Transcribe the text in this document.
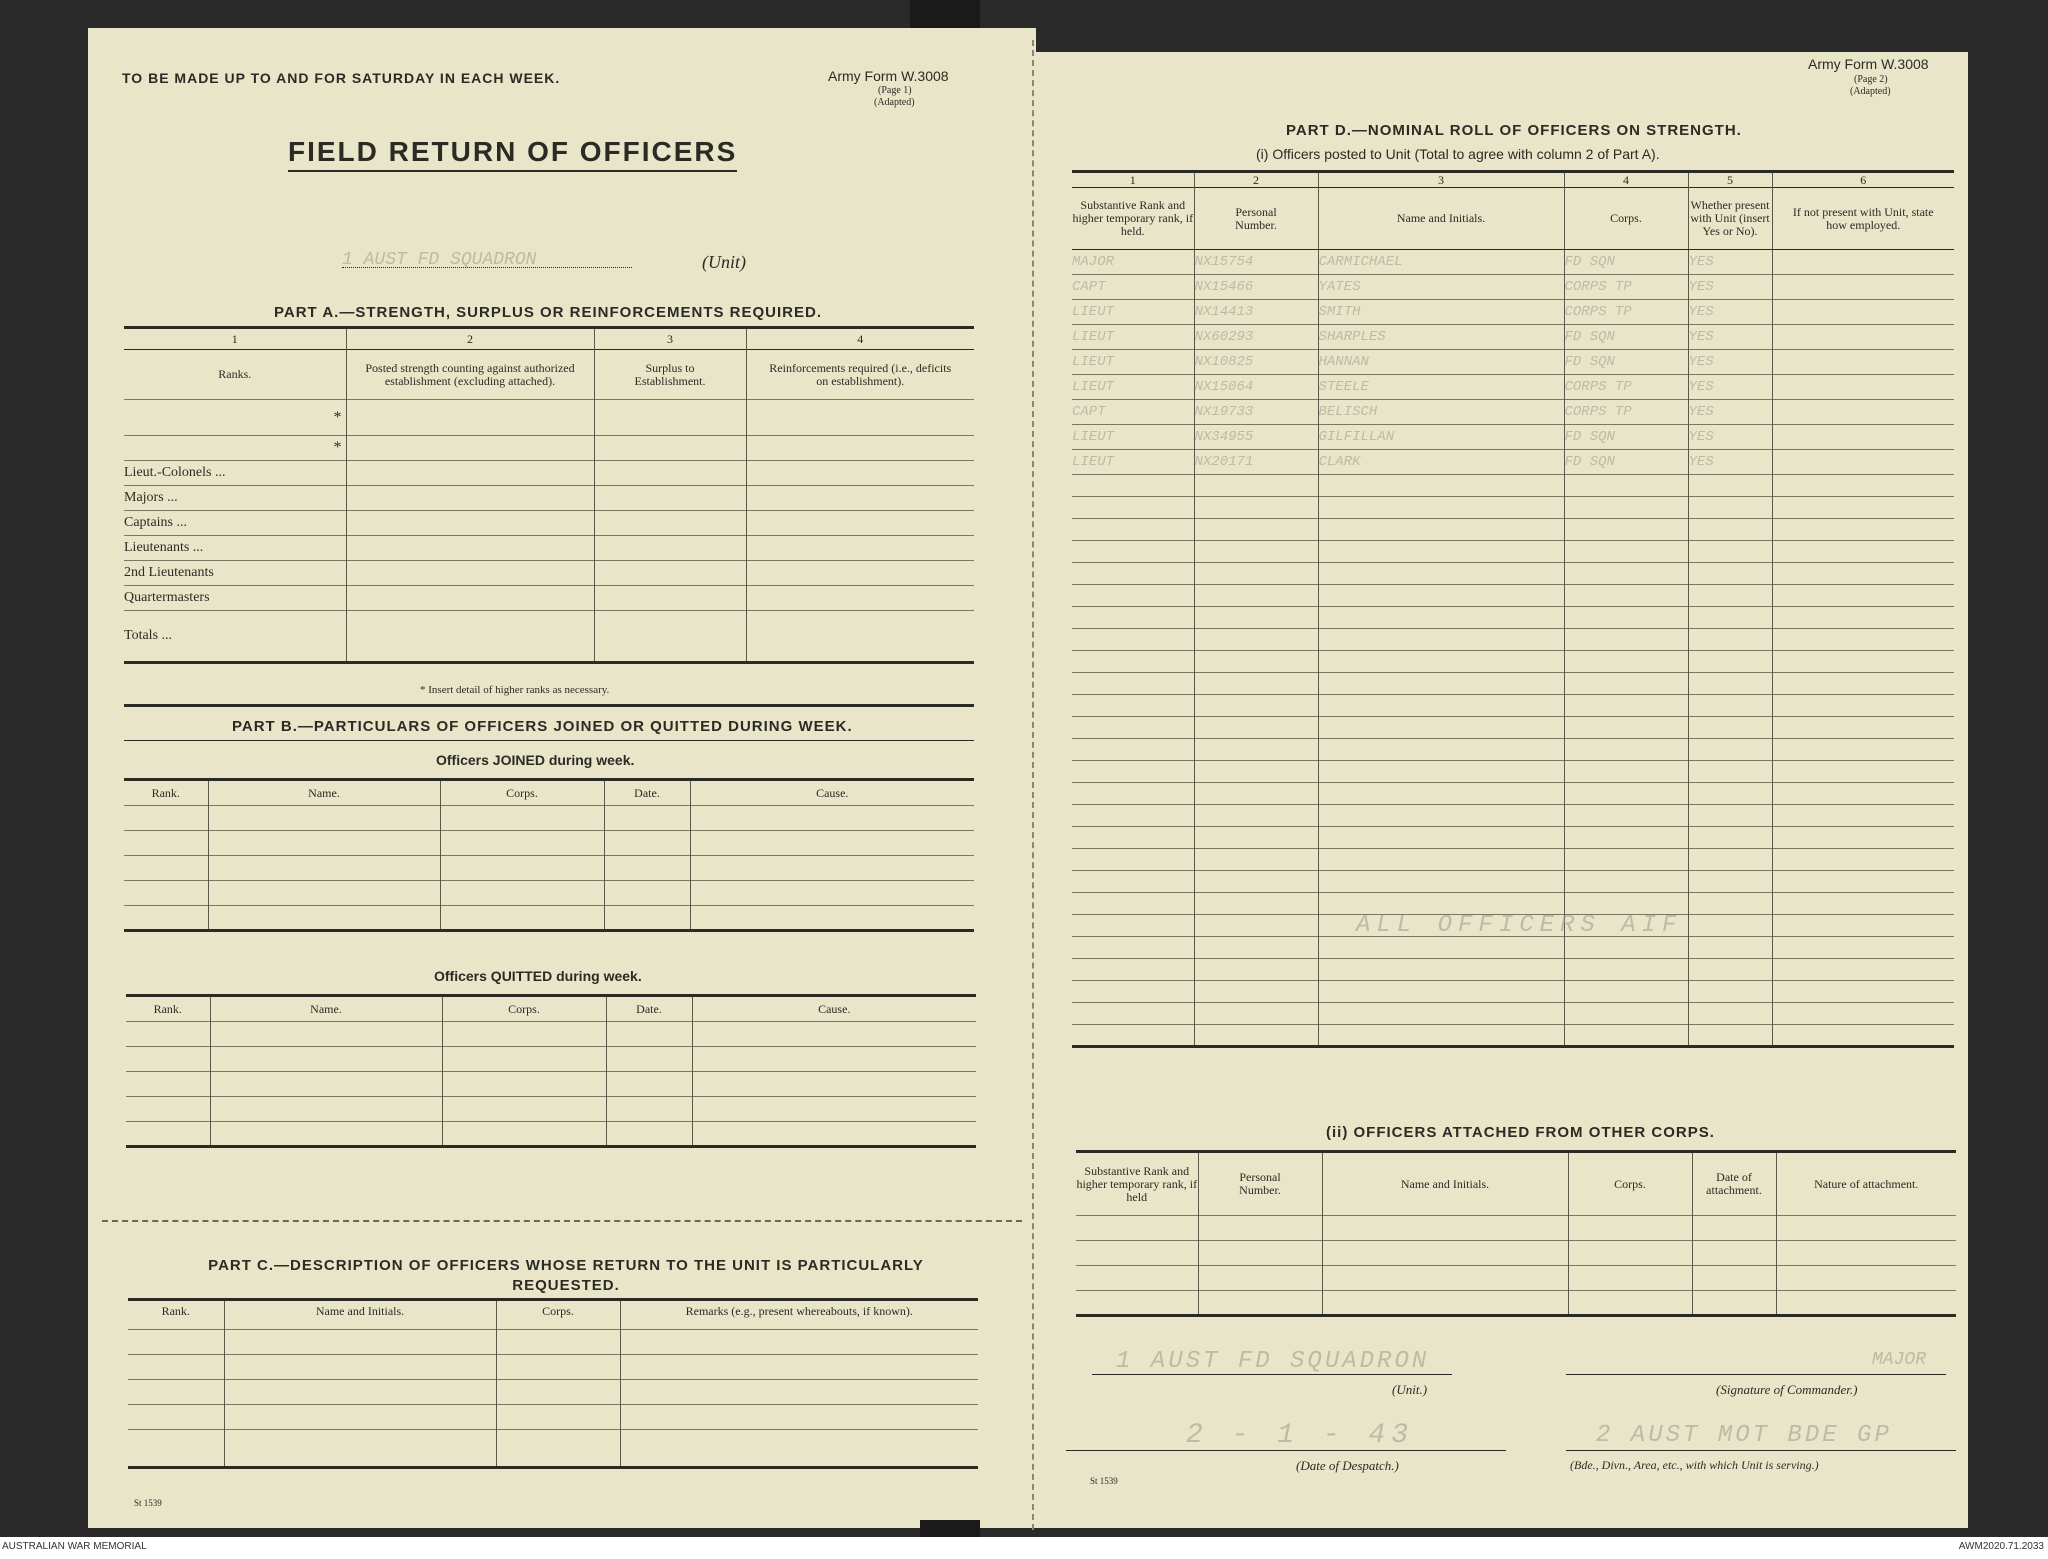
TO BE MADE UP TO AND FOR SATURDAY IN EACH WEEK.	Army Form W.3008
(Page 1)
(Adapted)
FIELD RETURN OF OFFICERS
1 AUST FD SQUADRON	(Unit)
PART A.—STRENGTH, SURPLUS OR REINFORCEMENTS REQUIRED.
1	2	3	4
Ranks.	Posted strength counting against authorized establishment (excluding attached).	Surplus to Establishment.	Reinforcements required (i.e., deficits on establishment).
*			
*			
Lieut.-Colonels ...			
Majors ...			
Captains ...			
Lieutenants ...			
2nd Lieutenants			
Quartermasters			
Totals ...			
* Insert detail of higher ranks as necessary.
PART B.—PARTICULARS OF OFFICERS JOINED OR QUITTED DURING WEEK.
Officers JOINED during week.
Rank.	Name.	Corps.	Date.	Cause.

Officers QUITTED during week.
Rank.	Name.	Corps.	Date.	Cause.

PART C.—DESCRIPTION OF OFFICERS WHOSE RETURN TO THE UNIT IS PARTICULARLY REQUESTED.
Rank.	Name and Initials.	Corps.	Remarks (e.g., present whereabouts, if known).

St 1539
Army Form W.3008
(Page 2)
(Adapted)
PART D.—NOMINAL ROLL OF OFFICERS ON STRENGTH.
(i) Officers posted to Unit (Total to agree with column 2 of Part A).
1	2	3	4	5	6
Substantive Rank and higher temporary rank, if held.	Personal Number.	Name and Initials.	Corps.	Whether present with Unit (insert Yes or No).	If not present with Unit, state how employed.
MAJOR	NX15754	CARMICHAEL	FD SQN	YES	
CAPT	NX15466	YATES	CORPS TP	YES	
LIEUT	NX14413	SMITH	CORPS TP	YES	
LIEUT	NX60293	SHARPLES	FD SQN	YES	
LIEUT	NX10825	HANNAN	FD SQN	YES	
LIEUT	NX15064	STEELE	CORPS TP	YES	
CAPT	NX19733	BELISCH	CORPS TP	YES	
LIEUT	NX34955	GILFILLAN	FD SQN	YES	
LIEUT	NX20171	CLARK	FD SQN	YES	

ALL OFFICERS AIF
(ii) OFFICERS ATTACHED FROM OTHER CORPS.
Substantive Rank and higher temporary rank, if held	Personal Number.	Name and Initials.	Corps.	Date of attachment.	Nature of attachment.

1 AUST FD SQUADRON
(Unit.)
MAJOR
(Signature of Commander.)
2 - 1 - 43
(Date of Despatch.)
2 AUST MOT BDE GP
(Bde., Divn., Area, etc., with which Unit is serving.)
St 1539
AUSTRALIAN WAR MEMORIAL	AWM2020.71.2033
